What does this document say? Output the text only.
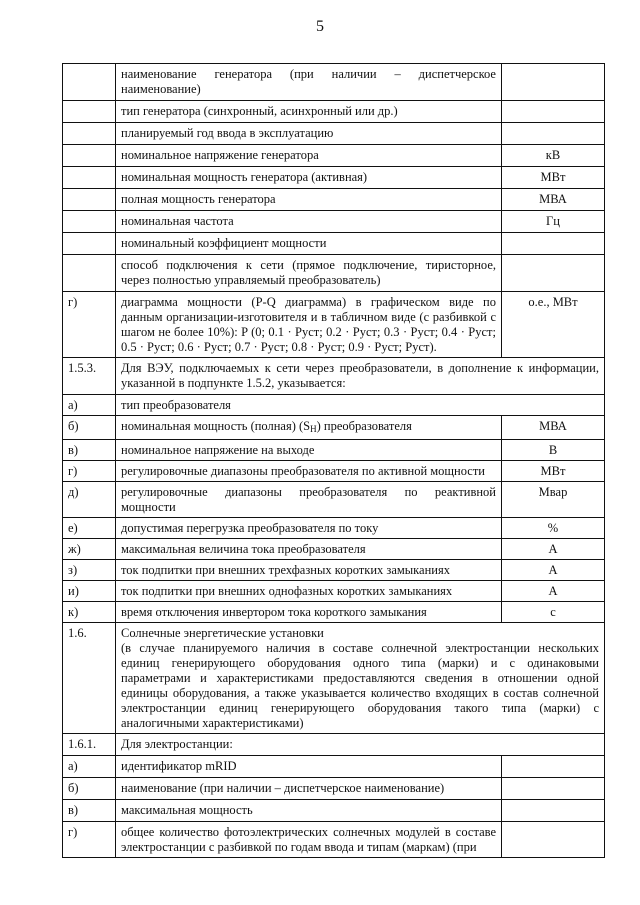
5
	наименование генератора (при наличии – диспетчерское наименование)	
	тип генератора (синхронный, асинхронный или др.)	
	планируемый год ввода в эксплуатацию	
	номинальное напряжение генератора	кВ
	номинальная мощность генератора (активная)	МВт
	полная мощность генератора	МВА
	номинальная частота	Гц
	номинальный коэффициент мощности	
	способ подключения к сети (прямое подключение, тиристорное, через полностью управляемый преобразователь)	
г)	диаграмма мощности (P-Q диаграмма) в графическом виде по данным организации-изготовителя и в табличном виде (с разбивкой с шагом не более 10%): P (0; 0.1 · Руст; 0.2 · Руст; 0.3 · Руст; 0.4 · Руст; 0.5 · Руст; 0.6 · Руст; 0.7 · Руст; 0.8 · Руст; 0.9 · Руст; Руст).	о.е., МВт
1.5.3.	Для ВЭУ, подключаемых к сети через преобразователи, в дополнение к информации, указанной в подпункте 1.5.2, указывается:	
а)	тип преобразователя	
б)	номинальная мощность (полная) $(S_Н)$ преобразователя	МВА
в)	номинальное напряжение на выходе	В
г)	регулировочные диапазоны преобразователя по активной мощности	МВт
д)	регулировочные диапазоны преобразователя по реактивной мощности	Мвар
е)	допустимая перегрузка преобразователя по току	%
ж)	максимальная величина тока преобразователя	А
з)	ток подпитки при внешних трехфазных коротких замыканиях	А
и)	ток подпитки при внешних однофазных коротких замыканиях	А
к)	время отключения инвертором тока короткого замыкания	с
1.6.	Солнечные энергетические установки
(в случае планируемого наличия в составе солнечной электростанции нескольких единиц генерирующего оборудования одного типа (марки) и с одинаковыми параметрами и характеристиками предоставляются сведения в отношении одной единицы оборудования, а также указывается количество входящих в состав солнечной электростанции единиц генерирующего оборудования такого типа (марки) с аналогичными характеристиками)	

1.6.1.	Для электростанции:	
а)	идентификатор mRID	
б)	наименование (при наличии – диспетчерское наименование)	
в)	максимальная мощность	
г)	общее количество фотоэлектрических солнечных модулей в составе электростанции с разбивкой по годам ввода и типам (маркам) (при	
